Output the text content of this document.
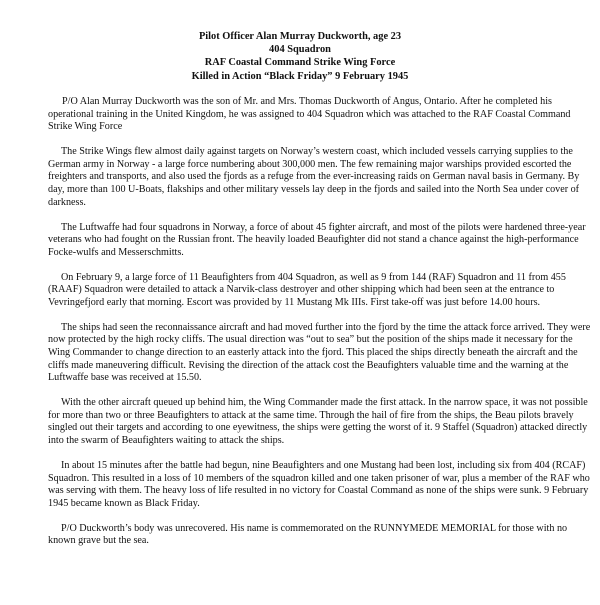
Pilot Officer Alan Murray Duckworth, age 23
404 Squadron
RAF Coastal Command Strike Wing Force
Killed in Action “Black Friday” 9 February 1945

P/O Alan Murray Duckworth was the son of Mr. and Mrs. Thomas Duckworth of Angus, Ontario. After he completed his operational training in the United Kingdom, he was assigned to 404 Squadron which was attached to the RAF Coastal Command Strike Wing Force

The Strike Wings flew almost daily against targets on Norway’s western coast, which included vessels carrying supplies to the German army in Norway - a large force numbering about 300,000 men. The few remaining major warships provided escorted the freighters and transports, and also used the fjords as a refuge from the ever-increasing raids on German naval basis in Germany. By day, more than 100 U-Boats, flakships and other military vessels lay deep in the fjords and sailed into the North Sea under cover of darkness.

The Luftwaffe had four squadrons in Norway, a force of about 45 fighter aircraft, and most of the pilots were hardened three-year veterans who had fought on the Russian front. The heavily loaded Beaufighter did not stand a chance against the high-performance Focke-wulfs and Messerschmitts.

On February 9, a large force of 11 Beaufighters from 404 Squadron, as well as 9 from 144 (RAF) Squadron and 11 from 455 (RAAF) Squadron were detailed to attack a Narvik-class destroyer and other shipping which had been seen at the entrance to Vevringefjord early that morning. Escort was provided by 11 Mustang Mk IIIs. First take-off was just before 14.00 hours.

The ships had seen the reconnaissance aircraft and had moved further into the fjord by the time the attack force arrived. They were now protected by the high rocky cliffs. The usual direction was “out to sea” but the position of the ships made it necessary for the Wing Commander to change direction to an easterly attack into the fjord. This placed the ships directly beneath the aircraft and the cliffs made maneuvering difficult. Revising the direction of the attack cost the Beaufighters valuable time and the warning at the Luftwaffe base was received at 15.50.

With the other aircraft queued up behind him, the Wing Commander made the first attack. In the narrow space, it was not possible for more than two or three Beaufighters to attack at the same time. Through the hail of fire from the ships, the Beau pilots bravely singled out their targets and according to one eyewitness, the ships were getting the worst of it. 9 Staffel (Squadron) attacked directly into the swarm of Beaufighters waiting to attack the ships.

In about 15 minutes after the battle had begun, nine Beaufighters and one Mustang had been lost, including six from 404 (RCAF) Squadron. This resulted in a loss of 10 members of the squadron killed and one taken prisoner of war, plus a member of the RAF who was serving with them. The heavy loss of life resulted in no victory for Coastal Command as none of the ships were sunk. 9 February 1945 became known as Black Friday.

P/O Duckworth’s body was unrecovered. His name is commemorated on the RUNNYMEDE MEMORIAL for those with no known grave but the sea.
